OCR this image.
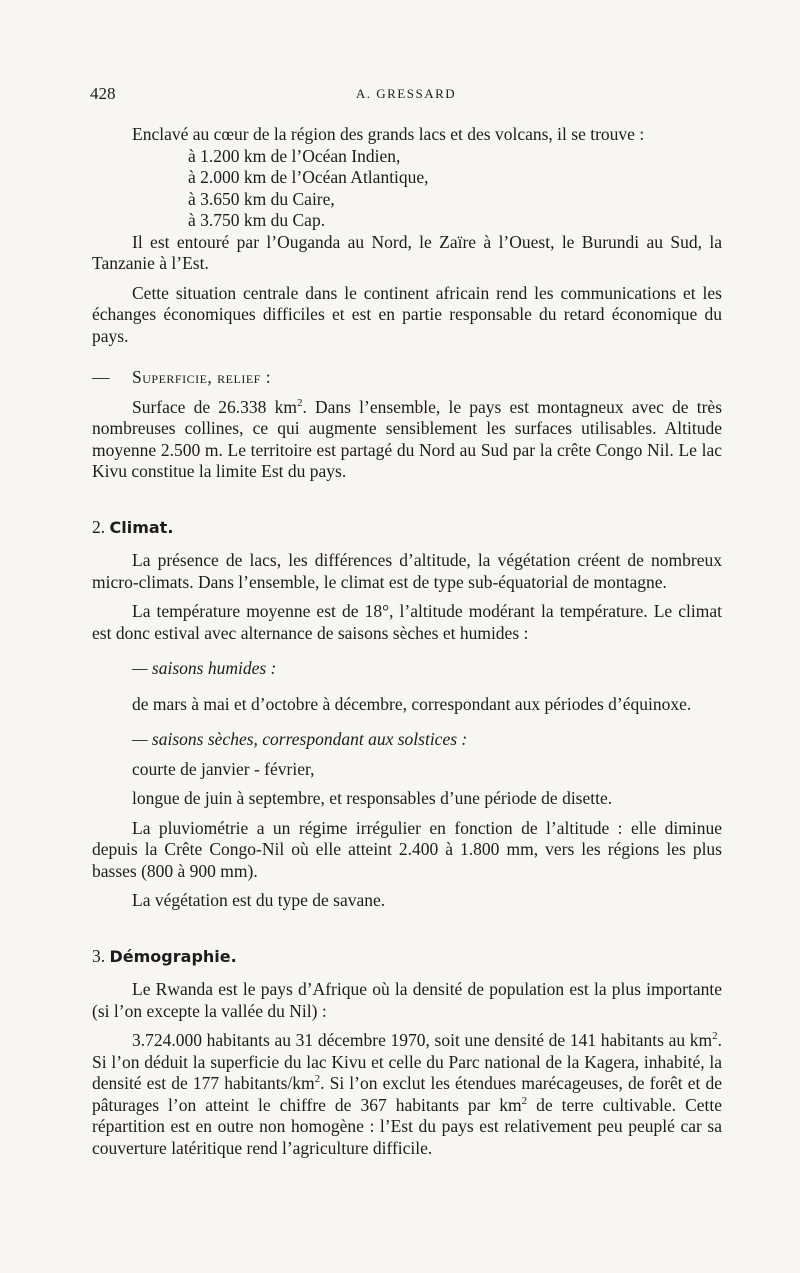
428	A. GRESSARD

Enclavé au cœur de la région des grands lacs et des volcans, il se trouve :

à 1.200 km de l’Océan Indien,
à 2.000 km de l’Océan Atlantique,
à 3.650 km du Caire,
à 3.750 km du Cap.

Il est entouré par l’Ouganda au Nord, le Zaïre à l’Ouest, le Burundi au Sud, la Tanzanie à l’Est.

Cette situation centrale dans le continent africain rend les communications et les échanges économiques difficiles et est en partie responsable du retard économique du pays.

— Superficie, relief :

Surface de 26.338 $km^2$. Dans l’ensemble, le pays est montagneux avec de très nombreuses collines, ce qui augmente sensiblement les surfaces utilisables. Altitude moyenne 2.500 m. Le territoire est partagé du Nord au Sud par la crête Congo Nil. Le lac Kivu constitue la limite Est du pays.

2. Climat.

La présence de lacs, les différences d’altitude, la végétation créent de nombreux micro-climats. Dans l’ensemble, le climat est de type sub-équatorial de montagne.

La température moyenne est de 18°, l’altitude modérant la température. Le climat est donc estival avec alternance de saisons sèches et humides :

— saisons humides :

de mars à mai et d’octobre à décembre, correspondant aux périodes d’équinoxe.

— saisons sèches, correspondant aux solstices :

courte de janvier - février,

longue de juin à septembre, et responsables d’une période de disette.

La pluviométrie a un régime irrégulier en fonction de l’altitude : elle diminue depuis la Crête Congo-Nil où elle atteint 2.400 à 1.800 mm, vers les régions les plus basses (800 à 900 mm).

La végétation est du type de savane.

3. Démographie.

Le Rwanda est le pays d’Afrique où la densité de population est la plus importante (si l’on excepte la vallée du Nil) :

3.724.000 habitants au 31 décembre 1970, soit une densité de 141 habitants au $km^2$. Si l’on déduit la superficie du lac Kivu et celle du Parc national de la Kagera, inhabité, la densité est de 177 habitants/$km^2$. Si l’on exclut les étendues marécageuses, de forêt et de pâturages l’on atteint le chiffre de 367 habitants par $km^2$ de terre cultivable. Cette répartition est en outre non homogène : l’Est du pays est relativement peu peuplé car sa couverture latéritique rend l’agriculture difficile.
